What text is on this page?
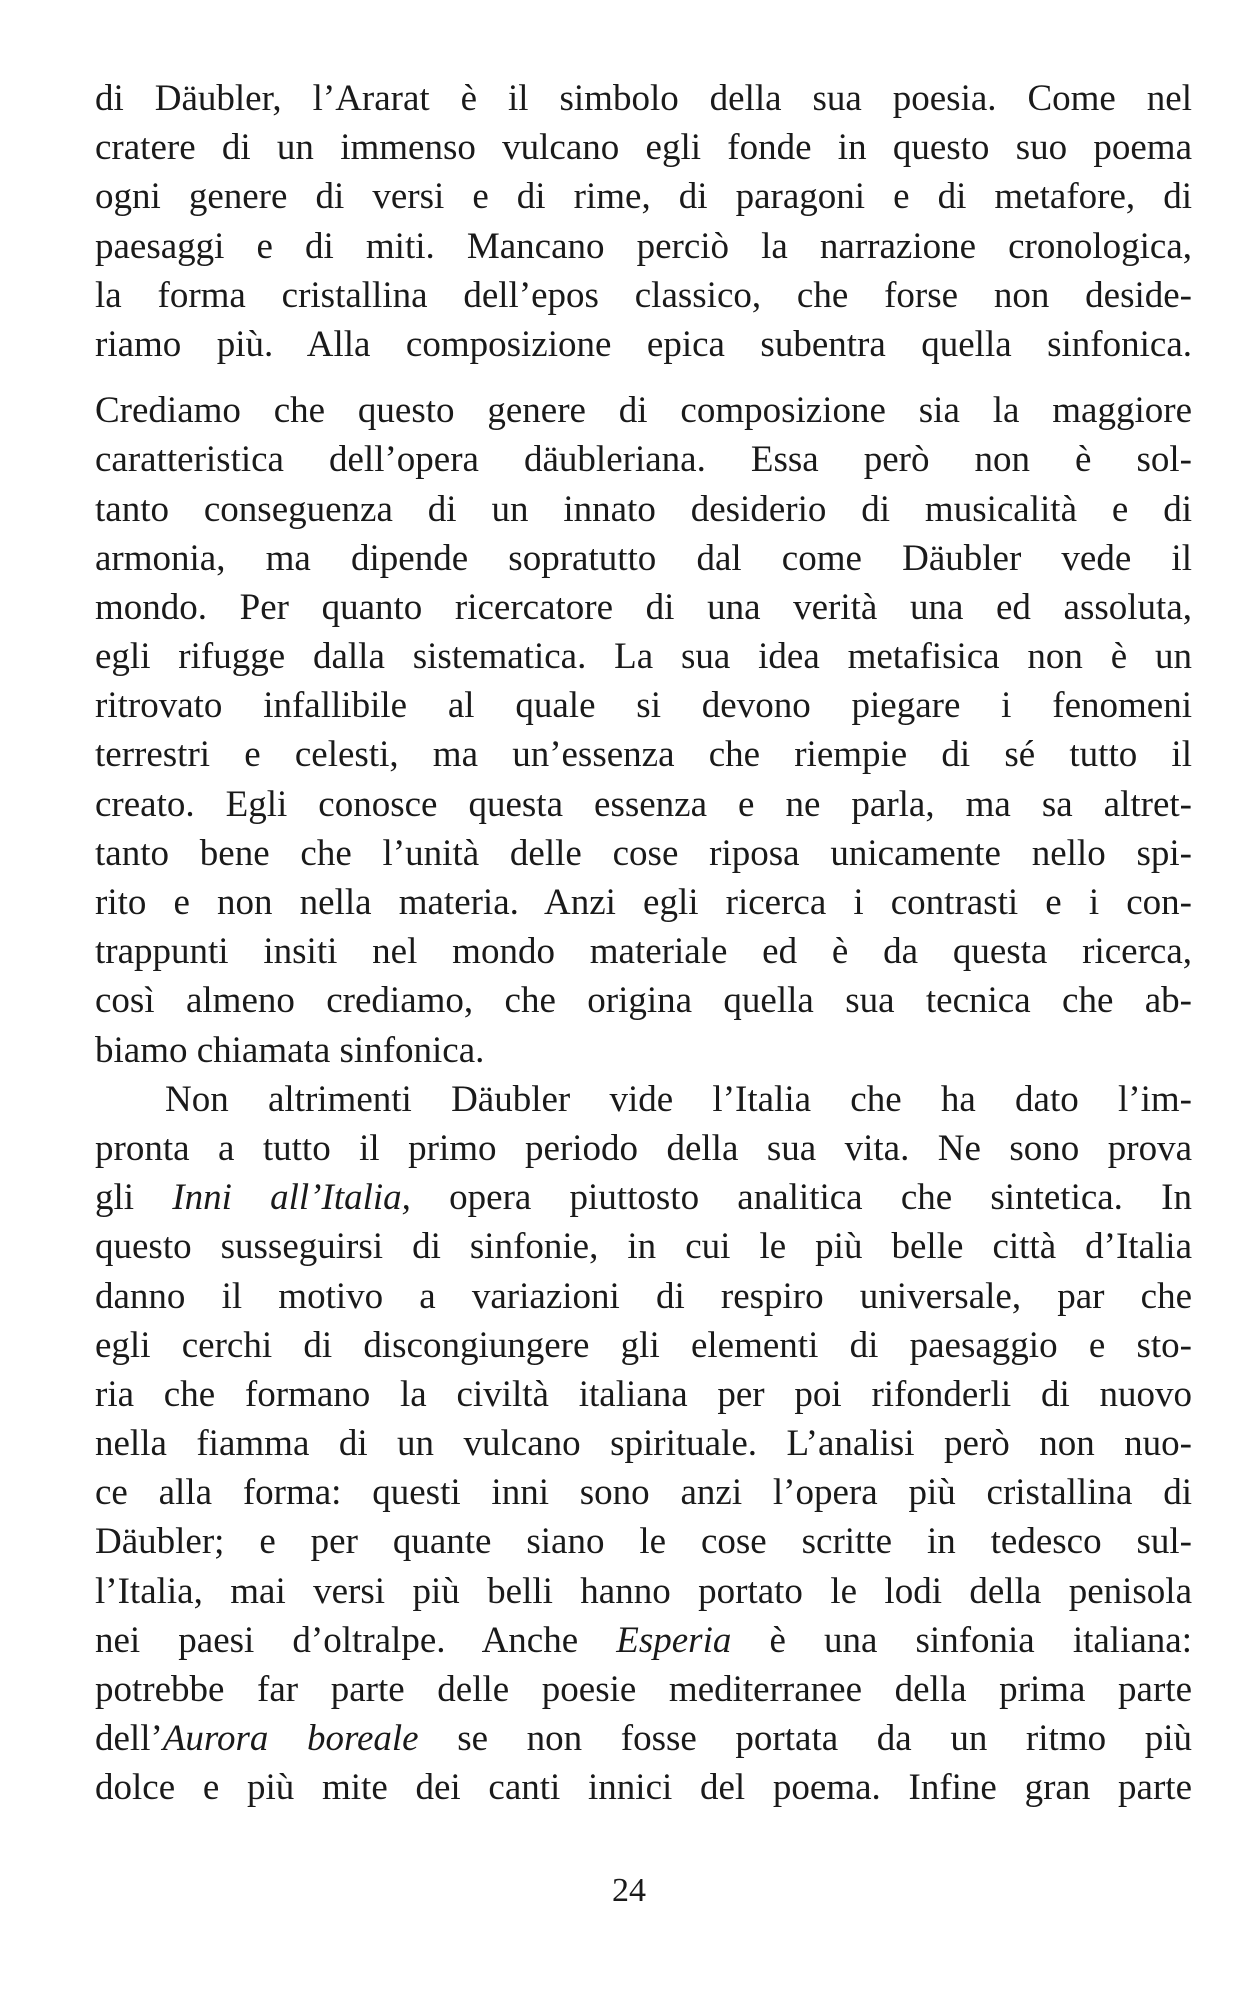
di Däubler, l’Ararat è il simbolo della sua poesia. Come nel
cratere di un immenso vulcano egli fonde in questo suo poema
ogni genere di versi e di rime, di paragoni e di metafore, di
paesaggi e di miti. Mancano perciò la narrazione cronologica,
la forma cristallina dell’epos classico, che forse non deside-
riamo più. Alla composizione epica subentra quella sinfonica.
Crediamo che questo genere di composizione sia la maggiore
caratteristica dell’opera däubleriana. Essa però non è sol-
tanto conseguenza di un innato desiderio di musicalità e di
armonia, ma dipende sopratutto dal come Däubler vede il
mondo. Per quanto ricercatore di una verità una ed assoluta,
egli rifugge dalla sistematica. La sua idea metafisica non è un
ritrovato infallibile al quale si devono piegare i fenomeni
terrestri e celesti, ma un’essenza che riempie di sé tutto il
creato. Egli conosce questa essenza e ne parla, ma sa altret-
tanto bene che l’unità delle cose riposa unicamente nello spi-
rito e non nella materia. Anzi egli ricerca i contrasti e i con-
trappunti insiti nel mondo materiale ed è da questa ricerca,
così almeno crediamo, che origina quella sua tecnica che ab-
biamo chiamata sinfonica.
Non altrimenti Däubler vide l’Italia che ha dato l’im-
pronta a tutto il primo periodo della sua vita. Ne sono prova
gli Inni all’Italia, opera piuttosto analitica che sintetica. In
questo susseguirsi di sinfonie, in cui le più belle città d’Italia
danno il motivo a variazioni di respiro universale, par che
egli cerchi di discongiungere gli elementi di paesaggio e sto-
ria che formano la civiltà italiana per poi rifonderli di nuovo
nella fiamma di un vulcano spirituale. L’analisi però non nuo-
ce alla forma: questi inni sono anzi l’opera più cristallina di
Däubler; e per quante siano le cose scritte in tedesco sul-
l’Italia, mai versi più belli hanno portato le lodi della penisola
nei paesi d’oltralpe. Anche Esperia è una sinfonia italiana:
potrebbe far parte delle poesie mediterranee della prima parte
dell’Aurora boreale se non fosse portata da un ritmo più
dolce e più mite dei canti innici del poema. Infine gran parte
24
